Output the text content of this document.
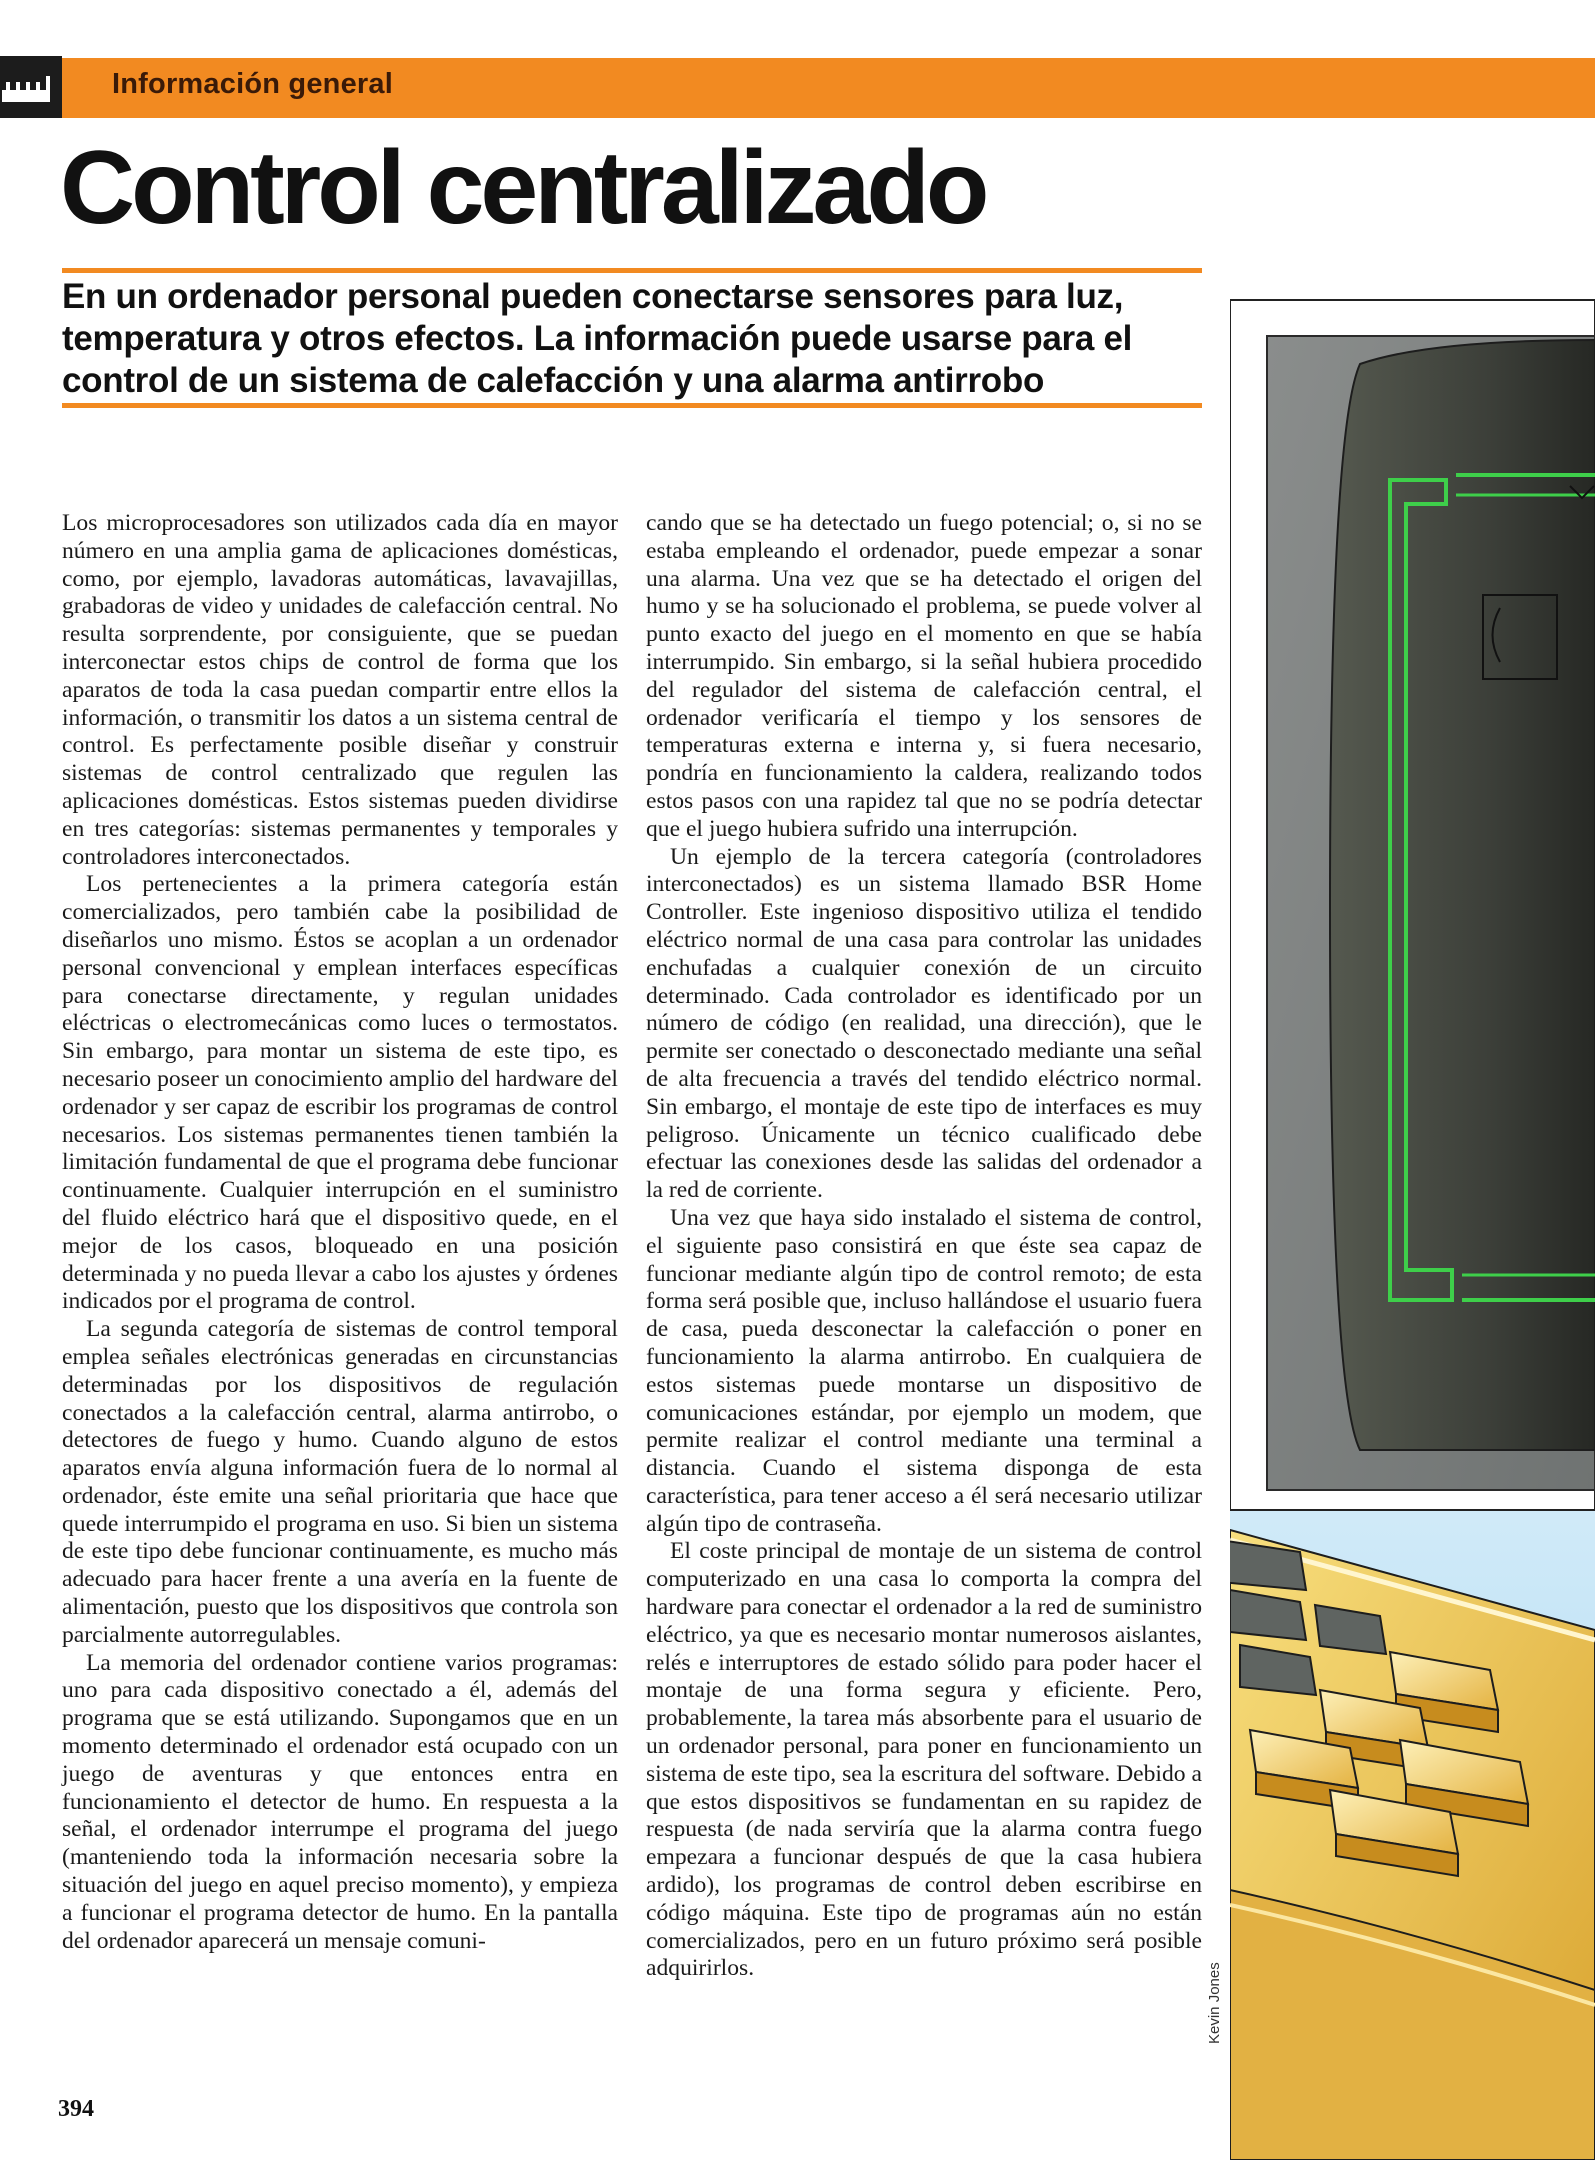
Información general
Control centralizado

En un ordenador personal pueden conectarse sensores para luz, temperatura y otros efectos. La información puede usarse para el control de un sistema de calefacción y una alarma antirrobo

Los microprocesadores son utilizados cada día en mayor número en una amplia gama de aplicaciones domésticas, como, por ejemplo, lavadoras automáticas, lavavajillas, grabadoras de video y unidades de calefacción central. No resulta sorprendente, por consiguiente, que se puedan interconectar estos chips de control de forma que los aparatos de toda la casa puedan compartir entre ellos la información, o transmitir los datos a un sistema central de control. Es perfectamente posible diseñar y construir sistemas de control centralizado que regulen las aplicaciones domésticas. Estos sistemas pueden dividirse en tres categorías: sistemas permanentes y temporales y controladores interconectados.

Los pertenecientes a la primera categoría están comercializados, pero también cabe la posibilidad de diseñarlos uno mismo. Éstos se acoplan a un ordenador personal convencional y emplean interfaces específicas para conectarse directamente, y regulan unidades eléctricas o electromecánicas como luces o termostatos. Sin embargo, para montar un sistema de este tipo, es necesario poseer un conocimiento amplio del hardware del ordenador y ser capaz de escribir los programas de control necesarios. Los sistemas permanentes tienen también la limitación fundamental de que el programa debe funcionar continuamente. Cualquier interrupción en el suministro del fluido eléctrico hará que el dispositivo quede, en el mejor de los casos, bloqueado en una posición determinada y no pueda llevar a cabo los ajustes y órdenes indicados por el programa de control.

La segunda categoría de sistemas de control temporal emplea señales electrónicas generadas en circunstancias determinadas por los dispositivos de regulación conectados a la calefacción central, alarma antirrobo, o detectores de fuego y humo. Cuando alguno de estos aparatos envía alguna información fuera de lo normal al ordenador, éste emite una señal prioritaria que hace que quede interrumpido el programa en uso. Si bien un sistema de este tipo debe funcionar continuamente, es mucho más adecuado para hacer frente a una avería en la fuente de alimentación, puesto que los dispositivos que controla son parcialmente autorregulables.

La memoria del ordenador contiene varios programas: uno para cada dispositivo conectado a él, además del programa que se está utilizando. Supongamos que en un momento determinado el ordenador está ocupado con un juego de aventuras y que entonces entra en funcionamiento el detector de humo. En respuesta a la señal, el ordenador interrumpe el programa del juego (manteniendo toda la información necesaria sobre la situación del juego en aquel preciso momento), y empieza a funcionar el programa detector de humo. En la pantalla del ordenador aparecerá un mensaje comuni-

cando que se ha detectado un fuego potencial; o, si no se estaba empleando el ordenador, puede empezar a sonar una alarma. Una vez que se ha detectado el origen del humo y se ha solucionado el problema, se puede volver al punto exacto del juego en el momento en que se había interrumpido. Sin embargo, si la señal hubiera procedido del regulador del sistema de calefacción central, el ordenador verificaría el tiempo y los sensores de temperaturas externa e interna y, si fuera necesario, pondría en funcionamiento la caldera, realizando todos estos pasos con una rapidez tal que no se podría detectar que el juego hubiera sufrido una interrupción.

Un ejemplo de la tercera categoría (controladores interconectados) es un sistema llamado BSR Home Controller. Este ingenioso dispositivo utiliza el tendido eléctrico normal de una casa para controlar las unidades enchufadas a cualquier conexión de un circuito determinado. Cada controlador es identificado por un número de código (en realidad, una dirección), que le permite ser conectado o desconectado mediante una señal de alta frecuencia a través del tendido eléctrico normal. Sin embargo, el montaje de este tipo de interfaces es muy peligroso. Únicamente un técnico cualificado debe efectuar las conexiones desde las salidas del ordenador a la red de corriente.

Una vez que haya sido instalado el sistema de control, el siguiente paso consistirá en que éste sea capaz de funcionar mediante algún tipo de control remoto; de esta forma será posible que, incluso hallándose el usuario fuera de casa, pueda desconectar la calefacción o poner en funcionamiento la alarma antirrobo. En cualquiera de estos sistemas puede montarse un dispositivo de comunicaciones estándar, por ejemplo un modem, que permite realizar el control mediante una terminal a distancia. Cuando el sistema disponga de esta característica, para tener acceso a él será necesario utilizar algún tipo de contraseña.

El coste principal de montaje de un sistema de control computerizado en una casa lo comporta la compra del hardware para conectar el ordenador a la red de suministro eléctrico, ya que es necesario montar numerosos aislantes, relés e interruptores de estado sólido para poder hacer el montaje de una forma segura y eficiente. Pero, probablemente, la tarea más absorbente para el usuario de un ordenador personal, para poner en funcionamiento un sistema de este tipo, sea la escritura del software. Debido a que estos dispositivos se fundamentan en su rapidez de respuesta (de nada serviría que la alarma contra fuego empezara a funcionar después de que la casa hubiera ardido), los programas de control deben escribirse en código máquina. Este tipo de programas aún no están comercializados, pero en un futuro próximo será posible adquirirlos.

394
Kevin Jones
